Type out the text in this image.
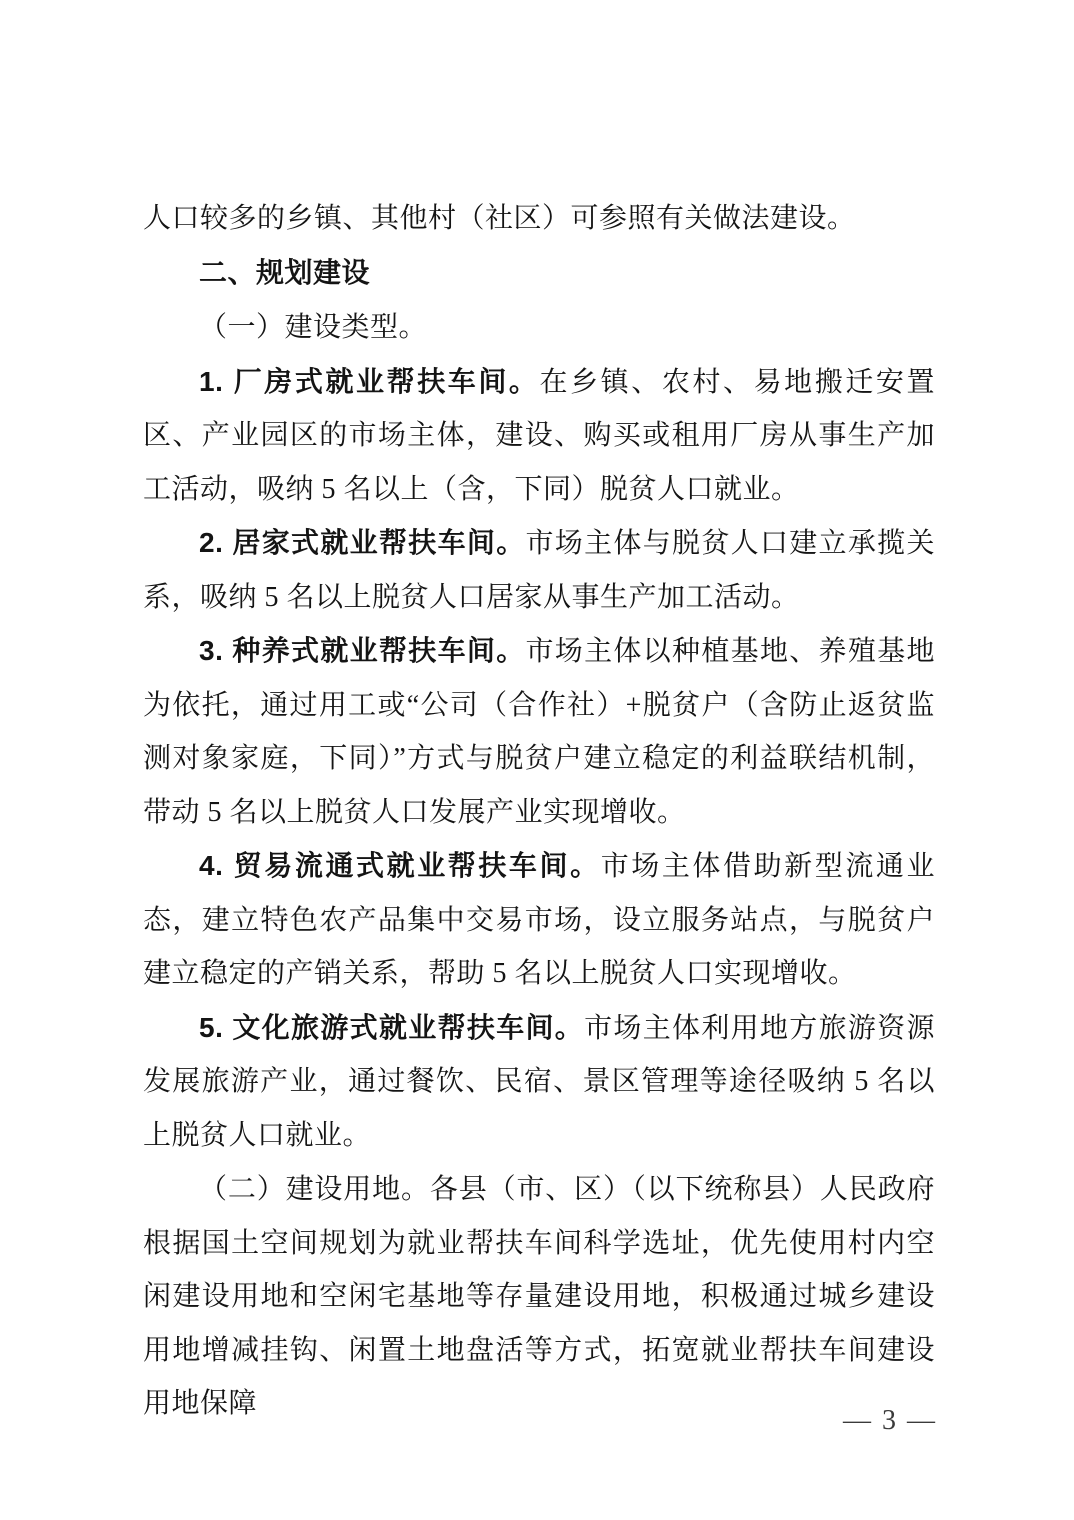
人口较多的乡镇、其他村（社区）可参照有关做法建设。

二、规划建设

（一）建设类型。

1. 厂房式就业帮扶车间。在乡镇、农村、易地搬迁安置区、产业园区的市场主体，建设、购买或租用厂房从事生产加工活动，吸纳 5 名以上（含，下同）脱贫人口就业。

2. 居家式就业帮扶车间。市场主体与脱贫人口建立承揽关系，吸纳 5 名以上脱贫人口居家从事生产加工活动。

3. 种养式就业帮扶车间。市场主体以种植基地、养殖基地为依托，通过用工或“公司（合作社）+脱贫户（含防止返贫监测对象家庭，下同）”方式与脱贫户建立稳定的利益联结机制，带动 5 名以上脱贫人口发展产业实现增收。

4. 贸易流通式就业帮扶车间。市场主体借助新型流通业态，建立特色农产品集中交易市场，设立服务站点，与脱贫户建立稳定的产销关系，帮助 5 名以上脱贫人口实现增收。

5. 文化旅游式就业帮扶车间。市场主体利用地方旅游资源发展旅游产业，通过餐饮、民宿、景区管理等途径吸纳 5 名以上脱贫人口就业。

（二）建设用地。各县（市、区）（以下统称县）人民政府根据国土空间规划为就业帮扶车间科学选址，优先使用村内空闲建设用地和空闲宅基地等存量建设用地，积极通过城乡建设用地增减挂钩、闲置土地盘活等方式，拓宽就业帮扶车间建设用地保障

— 3 —
